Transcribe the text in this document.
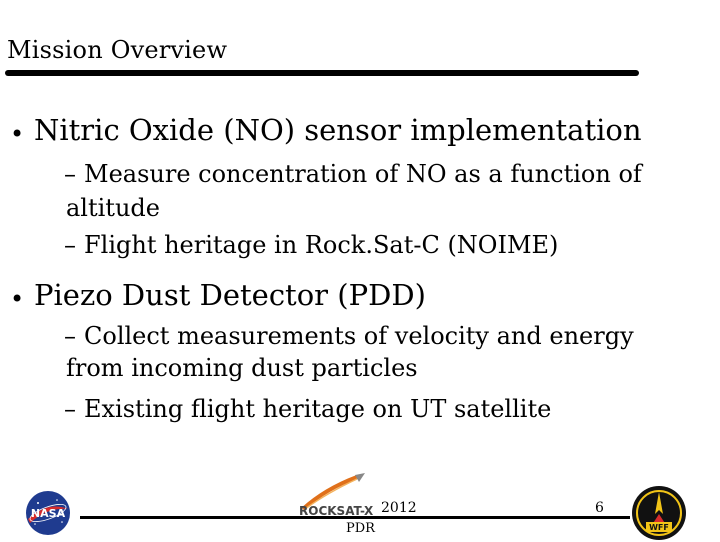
Mission Overview
• Nitric Oxide (NO) sensor implementation
– Measure concentration of NO as a function of
altitude
– Flight heritage in Rock.Sat-C (NOIME)
• Piezo Dust Detector (PDD)
– Collect measurements of velocity and energy
from incoming dust particles
– Existing flight heritage on UT satellite
NASA	ROCKSAT-X 2012	6
PDR	WFF
